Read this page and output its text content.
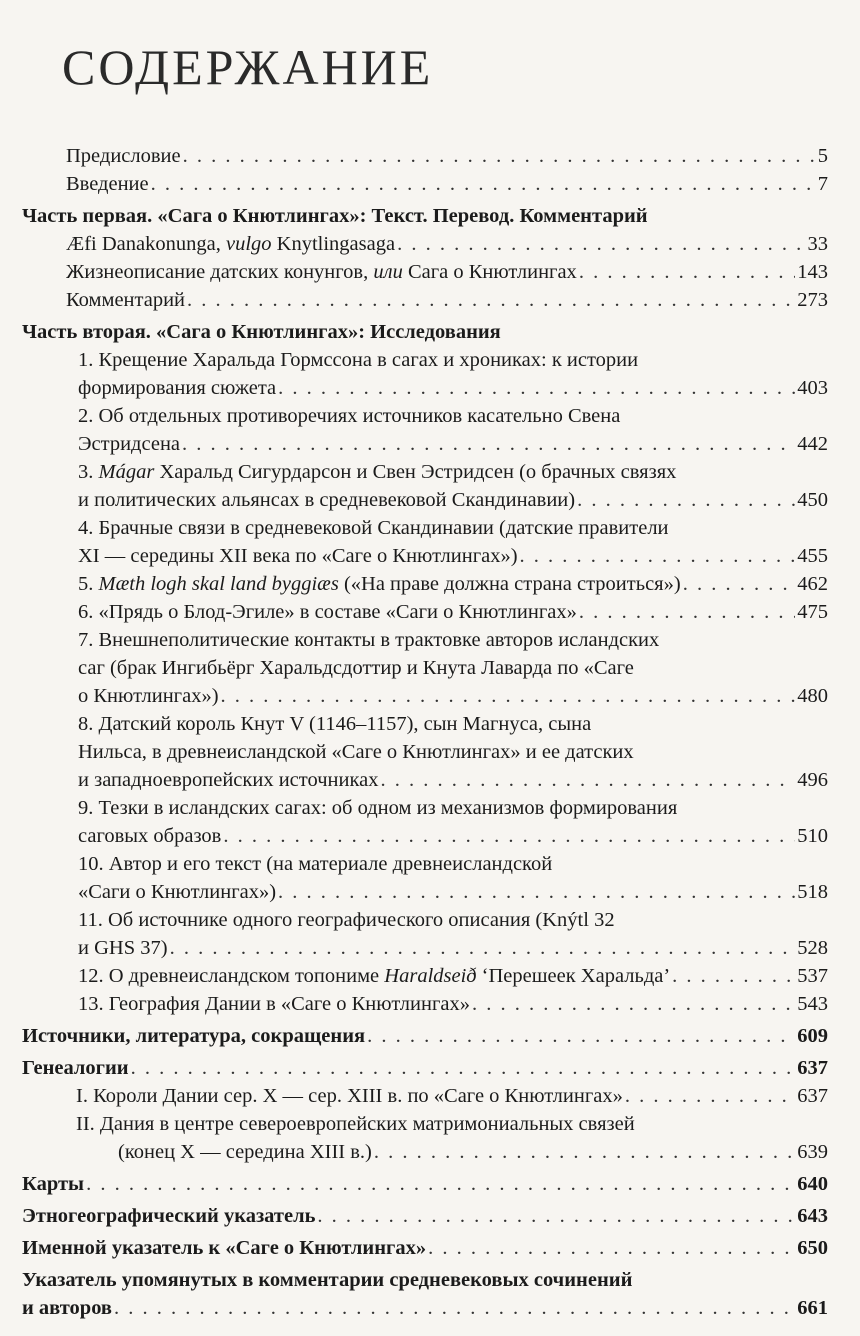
СОДЕРЖАНИЕ
Предисловие . . .	5
Введение . . .	7
Часть первая. «Сага о Кнютлингах»: Текст. Перевод. Комментарий
Æfi Danakonunga, vulgo Knytlingasaga . . .	33
Жизнеописание датских конунгов, или Сага о Кнютлингах . . .	143
Комментарий . . .	273
Часть вторая. «Сага о Кнютлингах»: Исследования
1. Крещение Харальда Гормссона в сагах и хрониках: к истории
формирования сюжета . . .	403
2. Об отдельных противоречиях источников касательно Свена
Эстридсена . . .	442
3. Mágar Харальд Сигурдарсон и Свен Эстридсен (о брачных связях
и политических альянсах в средневековой Скандинавии) . . .	450
4. Брачные связи в средневековой Скандинавии (датские правители
XI — середины XII века по «Саге о Кнютлингах») . . .	455
5. Mæth logh skal land byggiæs («На праве должна страна строиться») . . .	462
6. «Прядь о Блод-Эгиле» в составе «Саги о Кнютлингах» . . .	475
7. Внешнеполитические контакты в трактовке авторов исландских
саг (брак Ингибьёрг Харальдсдоттир и Кнута Лаварда по «Саге
о Кнютлингах») . . .	480
8. Датский король Кнут V (1146–1157), сын Магнуса, сына
Нильса, в древнеисландской «Саге о Кнютлингах» и ее датских
и западноевропейских источниках . . .	496
9. Тезки в исландских сагах: об одном из механизмов формирования
саговых образов . . .	510
10. Автор и его текст (на материале древнеисландской
«Саги о Кнютлингах») . . .	518
11. Об источнике одного географического описания (Knýtl 32
и GHS 37) . . .	528
12. О древнеисландском топониме Haraldseið ‘Перешеек Харальда’ . . .	537
13. География Дании в «Саге о Кнютлингах» . . .	543
Источники, литература, сокращения . . .	609
Генеалогии . . .	637
I. Короли Дании сер. X — сер. XIII в. по «Саге о Кнютлингах» . . .	637
II. Дания в центре североевропейских матримониальных связей
(конец X — середина XIII в.) . . .	639
Карты . . .	640
Этногеографический указатель . . .	643
Именной указатель к «Саге о Кнютлингах» . . .	650
Указатель упомянутых в комментарии средневековых сочинений
и авторов . . .	661
